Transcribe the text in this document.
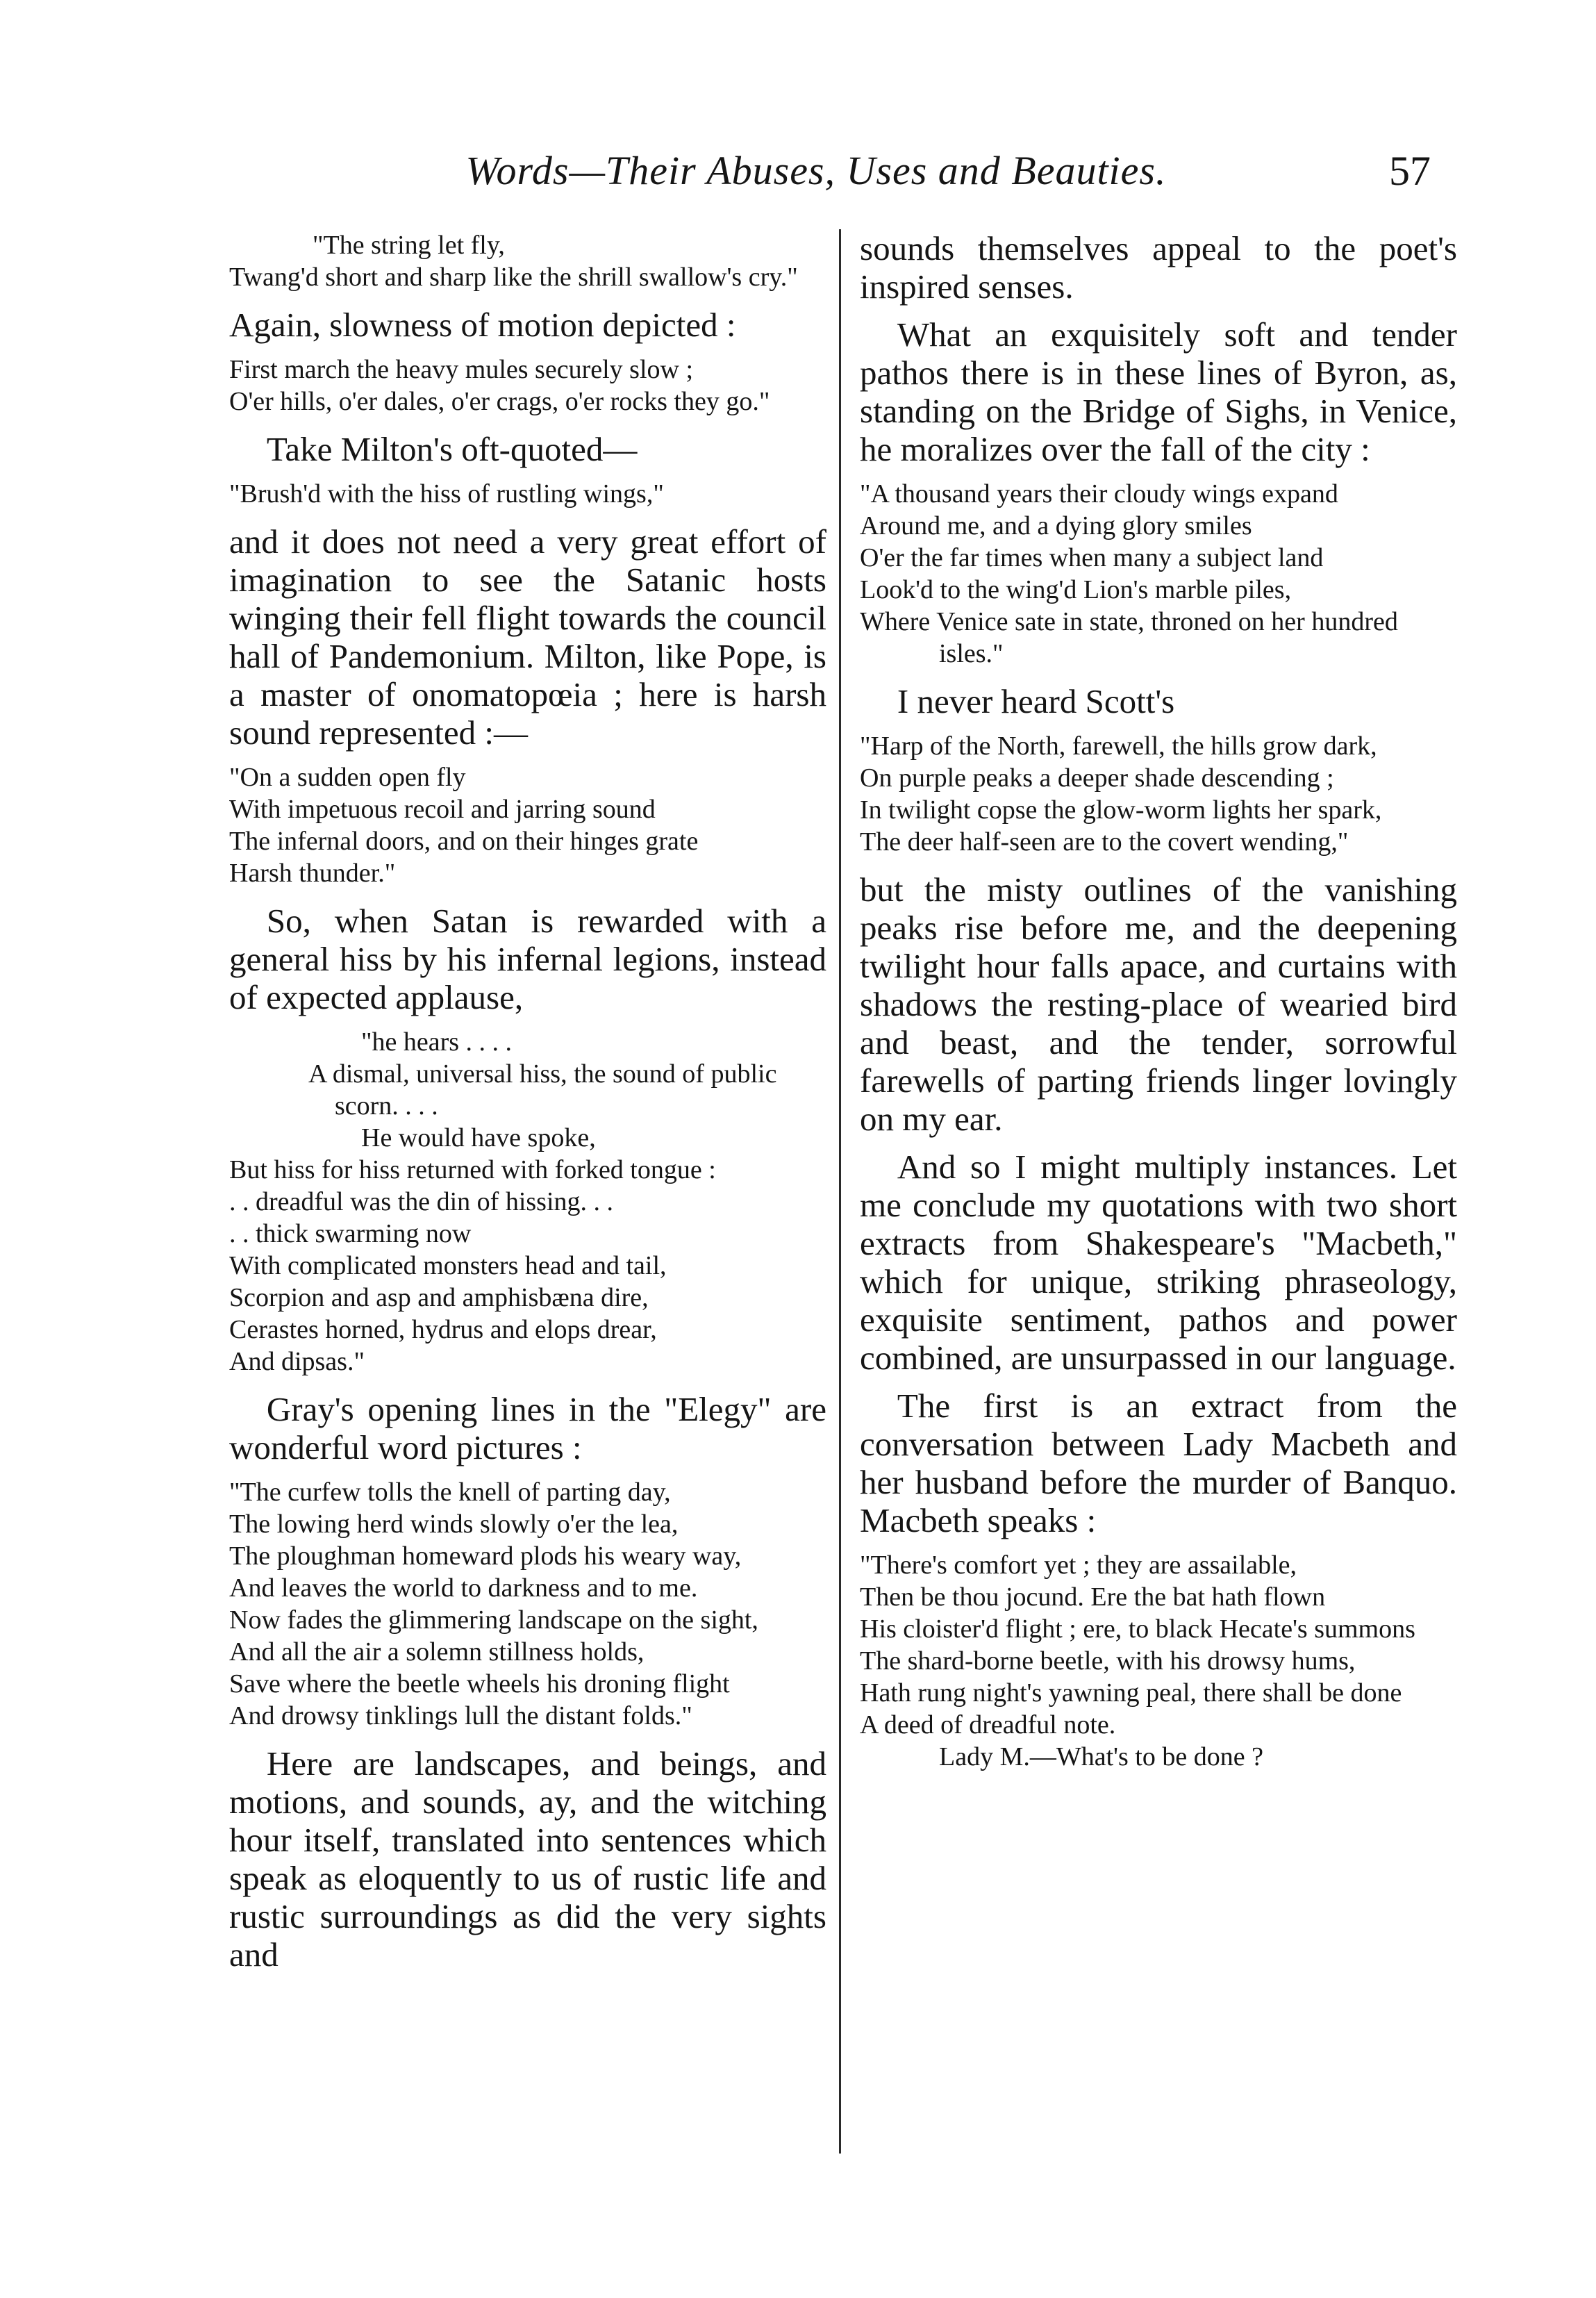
Words—Their Abuses, Uses and Beauties.	57
"The string let fly,
Twang'd short and sharp like the shrill swallow's cry."

Again, slowness of motion depicted :

First march the heavy mules securely slow ;
O'er hills, o'er dales, o'er crags, o'er rocks they go."

Take Milton's oft-quoted—

"Brush'd with the hiss of rustling wings,"

and it does not need a very great effort of imagination to see the Satanic hosts winging their fell flight towards the council hall of Pandemonium. Milton, like Pope, is a master of onomatopœia ; here is harsh sound represented :—

"On a sudden open fly
With impetuous recoil and jarring sound
The infernal doors, and on their hinges grate
Harsh thunder."

So, when Satan is rewarded with a general hiss by his infernal legions, instead of expected applause,

"he hears . . . .
A dismal, universal hiss, the sound of public scorn. . . .
He would have spoke,
But hiss for hiss returned with forked tongue :
. . dreadful was the din of hissing. . .
. . thick swarming now
With complicated monsters head and tail,
Scorpion and asp and amphisbæna dire,
Cerastes horned, hydrus and elops drear,
And dipsas."

Gray's opening lines in the "Elegy" are wonderful word pictures :

"The curfew tolls the knell of parting day,
The lowing herd winds slowly o'er the lea,
The ploughman homeward plods his weary way,
And leaves the world to darkness and to me.
Now fades the glimmering landscape on the sight,
And all the air a solemn stillness holds,
Save where the beetle wheels his droning flight
And drowsy tinklings lull the distant folds."

Here are landscapes, and beings, and motions, and sounds, ay, and the witching hour itself, translated into sentences which speak as eloquently to us of rustic life and rustic surroundings as did the very sights and

sounds themselves appeal to the poet's inspired senses.

What an exquisitely soft and tender pathos there is in these lines of Byron, as, standing on the Bridge of Sighs, in Venice, he moralizes over the fall of the city :

"A thousand years their cloudy wings expand
Around me, and a dying glory smiles
O'er the far times when many a subject land
Look'd to the wing'd Lion's marble piles,
Where Venice sate in state, throned on her hundred isles."

I never heard Scott's

"Harp of the North, farewell, the hills grow dark,
On purple peaks a deeper shade descending ;
In twilight copse the glow-worm lights her spark,
The deer half-seen are to the covert wending,"

but the misty outlines of the vanishing peaks rise before me, and the deepening twilight hour falls apace, and curtains with shadows the resting-place of wearied bird and beast, and the tender, sorrowful farewells of parting friends linger lovingly on my ear.

And so I might multiply instances. Let me conclude my quotations with two short extracts from Shakespeare's "Macbeth," which for unique, striking phraseology, exquisite sentiment, pathos and power combined, are unsurpassed in our language.

The first is an extract from the conversation between Lady Macbeth and her husband before the murder of Banquo. Macbeth speaks :

"There's comfort yet ; they are assailable,
Then be thou jocund. Ere the bat hath flown
His cloister'd flight ; ere, to black Hecate's summons
The shard-borne beetle, with his drowsy hums,
Hath rung night's yawning peal, there shall be done
A deed of dreadful note.
Lady M.—What's to be done ?
